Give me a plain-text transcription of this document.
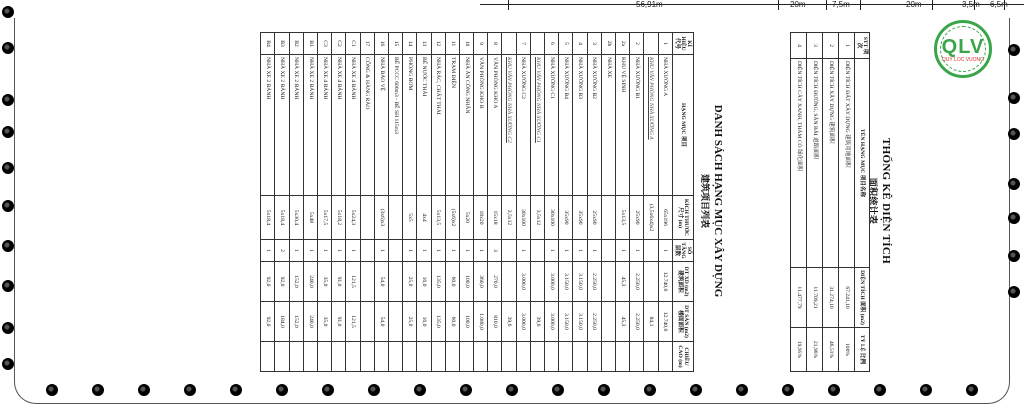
56,91m	20m	7,5m	20m	3,5m 6,5m
THỐNG KÊ DIỆN TÍCH
面积统计表
STT 项次	TÊN HẠNG MỤC 项目名称	DIỆN TÍCH 面积 (m2)	TỶ LỆ 比例
1	DIỆN TÍCH ĐẤT XÂY DỰNG 建筑用地面积	67.241,10	100%
2	DIỆN TÍCH XÂY DỰNG 建筑面积	31.274,10	46,51%
3	DIỆN TÍCH ĐƯỜNG, SÂN BÃI 道路面积	11.709,21	21,96%
4	DIỆN TÍCH CÂY XANH, THẢM CỎ 绿化面积	11.477,79	19,95%
DANH SÁCH HẠNG MỤC XÂY DỰNG
建筑项目列表
KÍ HIỆU 代号	HẠNG MỤC 项目	KÍCH THƯỚC 尺寸 (m)	SỐ TẦNG 层数	DT XD (m2) 建筑面积	DT SÀN (m2) 楼面面积	CHIỀU CAO (m)
1	NHÀ XƯỞNG A	65x196	1	12.740,0	12.740,0	
	KHU VĂN PHÒNG NHÀ XƯỞNG A	(3,5x6x4)x2			84,1	
2	NHÀ XƯỞNG B1	25x90	1	2.250,0	2.250,0	
2a	KHU VỆ SINH	5x13,5	1	45,3	45,3	
2b	NHÀ XE					
3	NHÀ XƯỞNG B2	25x90	1	2.250,0	2.250,0	
4	NHÀ XƯỞNG B3	35x90	1	3.150,0	3.150,0	
5	NHÀ XƯỞNG B4	35x90	1	3.150,0	3.150,0	
6	NHÀ XƯỞNG C1	30x100	1	3.000,0	3.000,0	
	KHU VĂN PHÒNG NHÀ XƯỞNG C1	3,5x12			39,6	
7	NHÀ XƯỞNG C2	30x100	1	3.000,0	3.000,0	
	KHU VĂN PHÒNG NHÀ XƯỞNG C2	3,5x12			39,6	
8	VĂN PHÒNG KHO A	15x18	3	270,0	810,0	
9	VĂN PHÒNG KHO B	18x20	1	360,0	1.080,0	
10	NHÀ ĂN CÔNG NHÂN	5x20	1	100,0	100,0	
11	TRẠM ĐIỆN	(5x6)x2	1	60,0	60,0	
12	NHÀ RÁC, CHẤT THẢI	5x13,5	1	135,0	135,0	
13	BỂ NƯỚC THẢI	4x4	1	16,0	16,0	
14	PHÒNG BƠM	5x5	1	25,0	25,0	
15	BỂ PCCC 600m3 - BỂ SH 115m3					
16	NHÀ BẢO VỆ	(3x6)x3	1	54,0	54,0	
17	CỔNG & HÀNG RÀO					
C1	NHÀ XE 4 BÁNH	5x24,3	1	121,5	121,5	
C2	NHÀ XE 4 BÁNH	5x18,2	1	91,0	91,0	
C3	NHÀ XE 4 BÁNH	5x17,5	1	35,0	35,0	
B1	NHÀ XE 2 BÁNH	5x48	1	240,0	240,0	
B2	NHÀ XE 2 BÁNH	5x30,4	1	152,0	152,0	
B3	NHÀ XE 2 BÁNH	5x18,4	2	92,0	184,0	
B4	NHÀ XE 2 BÁNH	5x18,4	1	92,0	92,0	
QLV
QUY LOC VUONG
